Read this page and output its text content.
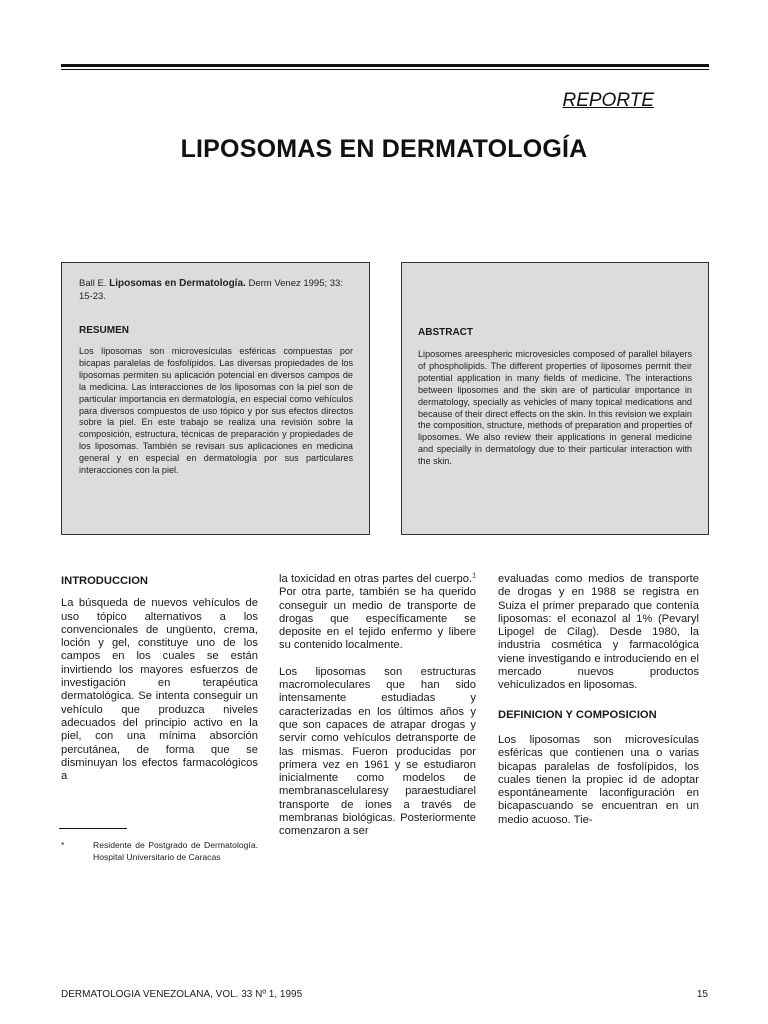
REPORTE
LIPOSOMAS EN DERMATOLOGÍA
Ball E. Liposomas en Dermatología. Derm Venez 1995; 33: 15-23.
RESUMEN
Los liposomas son microvesículas esféricas compuestas por bicapas paralelas de fosfolípidos. Las diversas propiedades de los liposomas permiten su aplicación potencial en diversos campos de la medicina. Las interacciones de los liposomas con la piel son de particular importancia en dermatología, en especial como vehículos para diversos compuestos de uso tópico y por sus efectos directos sobre la piel. En este trabajo se realiza una revisión sobre la composición, estructura, técnicas de preparación y propiedades de los liposomas. También se revisan sus aplicaciones en medicina general y en especial en dermatología por sus particulares interacciones con la piel.
ABSTRACT
Liposomes areespheric microvesicles composed of parallel bilayers of phospholipids. The different properties of liposomes permit their potential application in many fields of medicine. The interactions between liposomes and the skin are of particular importance in dermatology, specially as vehicles of many topical medications and because of their direct effects on the skin. In this revision we explain the composition, structure, methods of preparation and properties of liposomes. We also review their applications in general medicine and specially in dermatology due to their particular interaction with the skin.
INTRODUCCION

La búsqueda de nuevos vehículos de uso tópico alternativos a los convencionales de ungüento, crema, loción y gel, constituye uno de los campos en los cuales se están invirtiendo los mayores esfuerzos de investigación en terapéutica dermatológica. Se intenta conseguir un vehículo que produzca niveles adecuados del principio activo en la piel, con una mínima absorción percutánea, de forma que se disminuyan los efectos farmacológicos a

la toxicidad en otras partes del cuerpo.$^1$ Por otra parte, también se ha querido conseguir un medio de transporte de drogas que específicamente se deposite en el tejido enfermo y libere su contenido localmente.

Los liposomas son estructuras macromoleculares que han sido intensamente estudiadas y caracterizadas en los últimos años y que son capaces de atrapar drogas y servir como vehículos detransporte de las mismas. Fueron producidas por primera vez en 1961 y se estudiaron inicialmente como modelos de membranascelularesy paraestudiarel transporte de iones a través de membranas biológicas. Posteriormente comenzaron a ser

evaluadas como medios de transporte de drogas y en 1988 se registra en Suiza el primer preparado que contenía liposomas: el econazol al 1% (Pevaryl Lipogel de Cilag). Desde 1980, la industria cosmética y farmacológica viene investigando e introduciendo en el mercado nuevos productos vehiculizados en liposomas.

DEFINICION Y COMPOSICION

Los liposomas son microvesículas esféricas que contienen una o varias bicapas paralelas de fosfolípidos, los cuales tienen la propiec id de adoptar espontáneamente laconfiguración en bicapascuando se encuentran en un medio acuoso. Tie-

*	Residente de Postgrado de Dermatología. Hospital Universitario de Caracas
DERMATOLOGIA VENEZOLANA, VOL. 33 Nº 1, 1995	15
